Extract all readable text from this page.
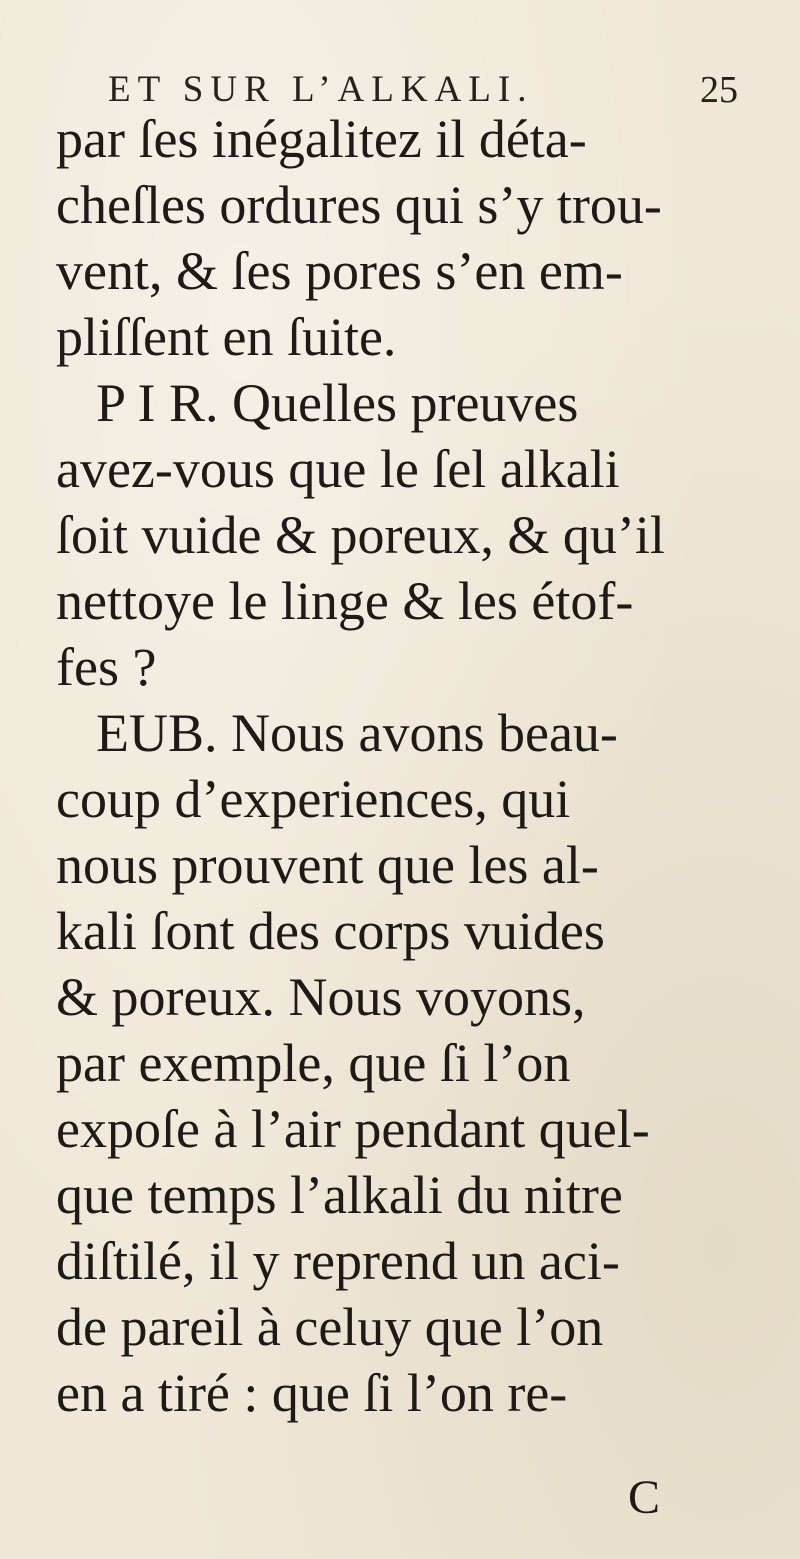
ET SUR L’ALKALI.	25
par ſes inégalitez il déta-
cheſles ordures qui s’y trou-
vent, & ſes pores s’en em-
pliſſent en ſuite.
P I R. Quelles preuves
avez-vous que le ſel alkali
ſoit vuide & poreux, & qu’il
nettoye le linge & les étof-
fes ?
EUB. Nous avons beau-
coup d’experiences, qui
nous prouvent que les al-
kali ſont des corps vuides
& poreux. Nous voyons,
par exemple, que ſi l’on
expoſe à l’air pendant quel-
que temps l’alkali du nitre
diſtilé, il y reprend un aci-
de pareil à celuy que l’on
en a tiré : que ſi l’on re-
C
